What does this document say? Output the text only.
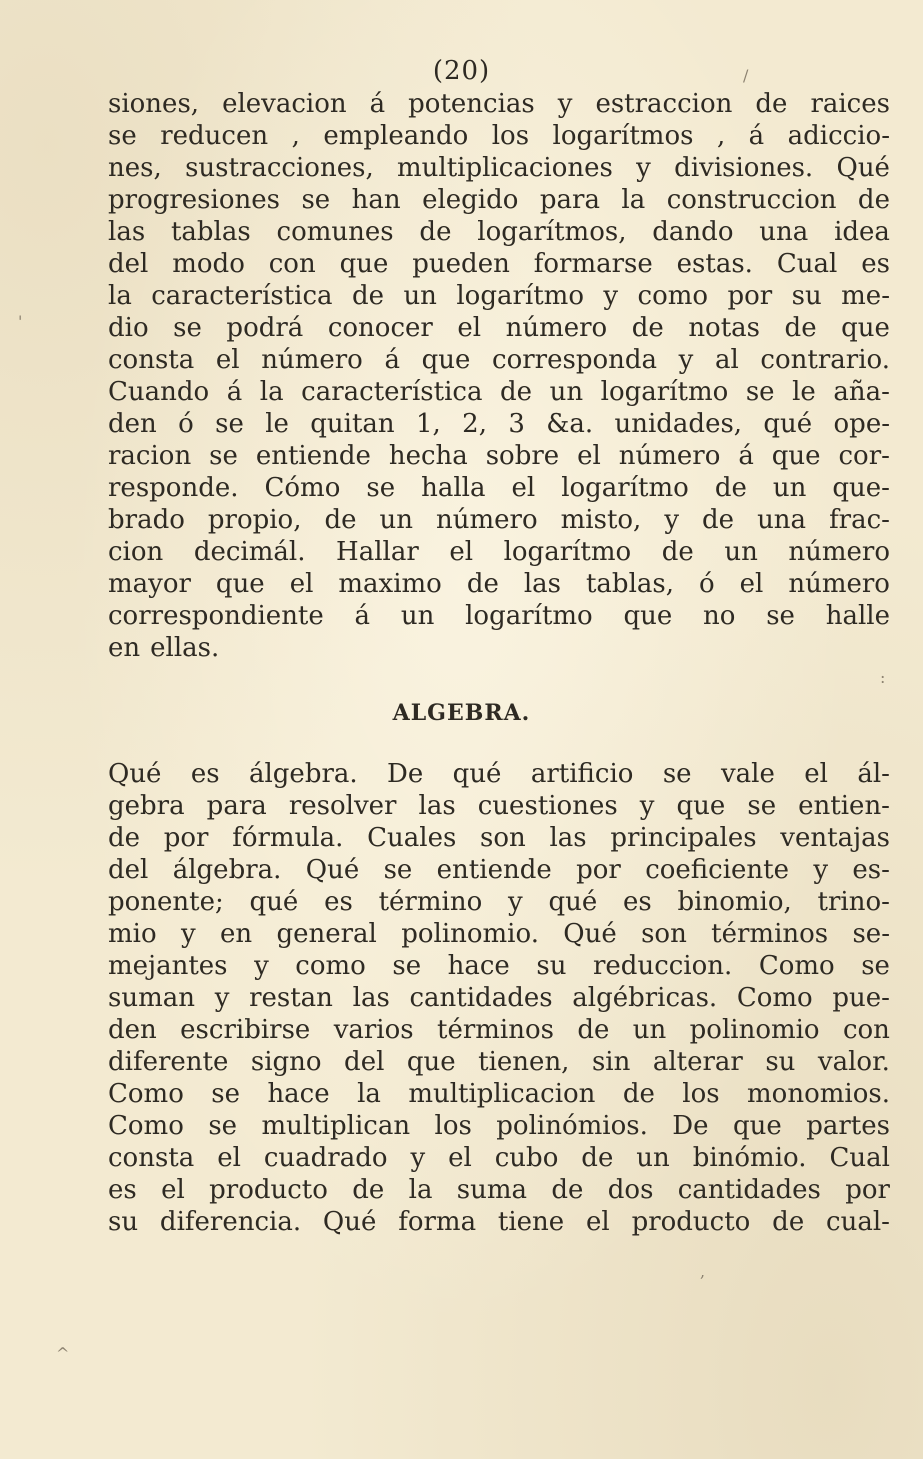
(20)
siones, elevacion á potencias y estraccion de raices
se reducen , empleando los logarítmos , á adiccio-
nes, sustracciones, multiplicaciones y divisiones. Qué
progresiones se han elegido para la construccion de
las tablas comunes de logarítmos, dando una idea
del modo con que pueden formarse estas. Cual es
la característica de un logarítmo y como por su me-
dio se podrá conocer el número de notas de que
consta el número á que corresponda y al contrario.
Cuando á la característica de un logarítmo se le aña-
den ó se le quitan 1, 2, 3 &a. unidades, qué ope-
racion se entiende hecha sobre el número á que cor-
responde. Cómo se halla el logarítmo de un que-
brado propio, de un número misto, y de una frac-
cion decimál. Hallar el logarítmo de un número
mayor que el maximo de las tablas, ó el número
correspondiente á un logarítmo que no se halle
en ellas.
ALGEBRA.
Qué es álgebra. De qué artificio se vale el ál-
gebra para resolver las cuestiones y que se entien-
de por fórmula. Cuales son las principales ventajas
del álgebra. Qué se entiende por coeficiente y es-
ponente; qué es término y qué es binomio, trino-
mio y en general polinomio. Qué son términos se-
mejantes y como se hace su reduccion. Como se
suman y restan las cantidades algébricas. Como pue-
den escribirse varios términos de un polinomio con
diferente signo del que tienen, sin alterar su valor.
Como se hace la multiplicacion de los monomios.
Como se multiplican los polinómios. De que partes
consta el cuadrado y el cubo de un binómio. Cual
es el producto de la suma de dos cantidades por
su diferencia. Qué forma tiene el producto de cual-
/
'
:
,
^
